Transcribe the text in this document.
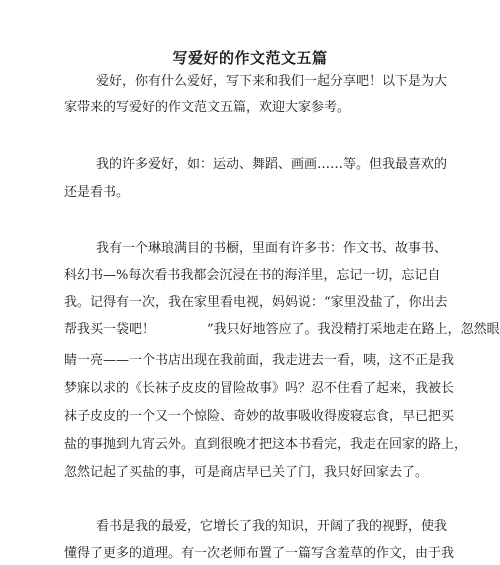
写爱好的作文范文五篇
爱好，你有什么爱好，写下来和我们一起分享吧！以下是为大
家带来的写爱好的作文范文五篇，欢迎大家参考。
我的许多爱好，如：运动、舞蹈、画画……等。但我最喜欢的
还是看书。
我有一个琳琅满目的书橱，里面有许多书：作文书、故事书、
科幻书—%每次看书我都会沉浸在书的海洋里，忘记一切，忘记自
我。记得有一次，我在家里看电视，妈妈说：“家里没盐了，你出去
帮我买一袋吧！　　　　”我只好地答应了。我没精打采地走在路上，忽然眼
睛一亮——一个书店出现在我前面，我走进去一看，咦，这不正是我
梦寐以求的《长袜子皮皮的冒险故事》吗？忍不住看了起来，我被长
袜子皮皮的一个又一个惊险、奇妙的故事吸收得废寝忘食，早已把买
盐的事抛到九宵云外。直到很晚才把这本书看完，我走在回家的路上，
忽然记起了买盐的事，可是商店早已关了门，我只好回家去了。
看书是我的最爱，它增长了我的知识，开阔了我的视野，使我
懂得了更多的道理。有一次老师布置了一篇写含羞草的作文，由于我
